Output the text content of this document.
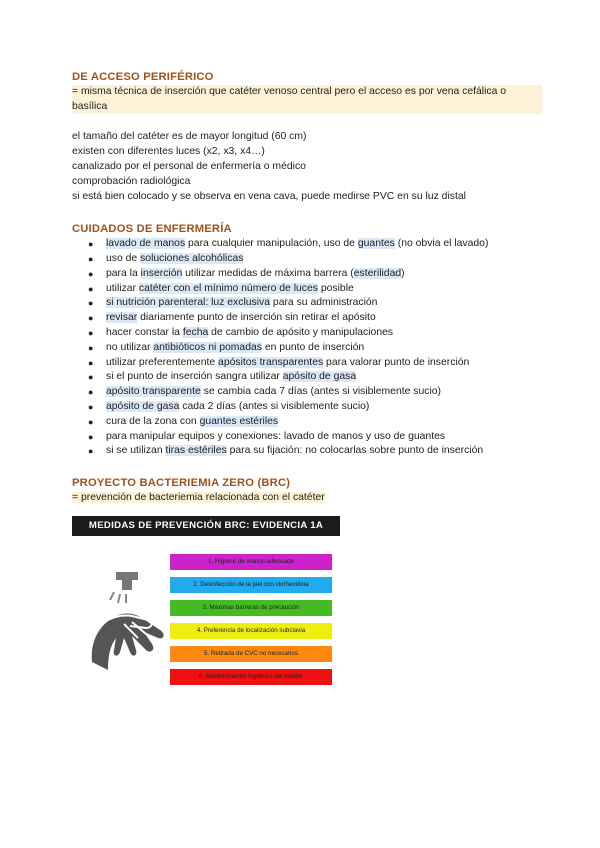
DE ACCESO PERIFÉRICO

= misma técnica de inserción que catéter venoso central pero el acceso es por vena cefálica o basílica

el tamaño del catéter es de mayor longitud (60 cm)

existen con diferentes luces (x2, x3, x4…)

canalizado por el personal de enfermería o médico

comprobación radiológica

si está bien colocado y se observa en vena cava, puede medirse PVC en su luz distal

CUIDADOS DE ENFERMERÍA

● lavado de manos para cualquier manipulación, uso de guantes (no obvia el lavado)
● uso de soluciones alcohólicas
● para la inserción utilizar medidas de máxima barrera (esterilidad)
● utilizar catéter con el mínimo número de luces posible
● si nutrición parenteral: luz exclusiva para su administración
● revisar diariamente punto de inserción sin retirar el apósito
● hacer constar la fecha de cambio de apósito y manipulaciones
● no utilizar antibióticos ni pomadas en punto de inserción
● utilizar preferentemente apósitos transparentes para valorar punto de inserción
● si el punto de inserción sangra utilizar apósito de gasa
● apósito transparente se cambia cada 7 días (antes si visiblemente sucio)
● apósito de gasa cada 2 días (antes si visiblemente sucio)
● cura de la zona con guantes estériles
● para manipular equipos y conexiones: lavado de manos y uso de guantes
● si se utilizan tiras estériles para su fijación: no colocarlas sobre punto de inserción

PROYECTO BACTERIEMIA ZERO (BRC)

= prevención de bacteriemia relacionada con el catéter
MEDIDAS DE PREVENCIÓN BRC: EVIDENCIA 1A
1. Higiene de manos adecuada
2. Desinfección de la piel con clorhexidina
3. Máximas barreras de precaución
4. Preferencia de localización subclavia
5. Retirada de CVC no necesarios
6. Mantenimiento higiénico del catéter
